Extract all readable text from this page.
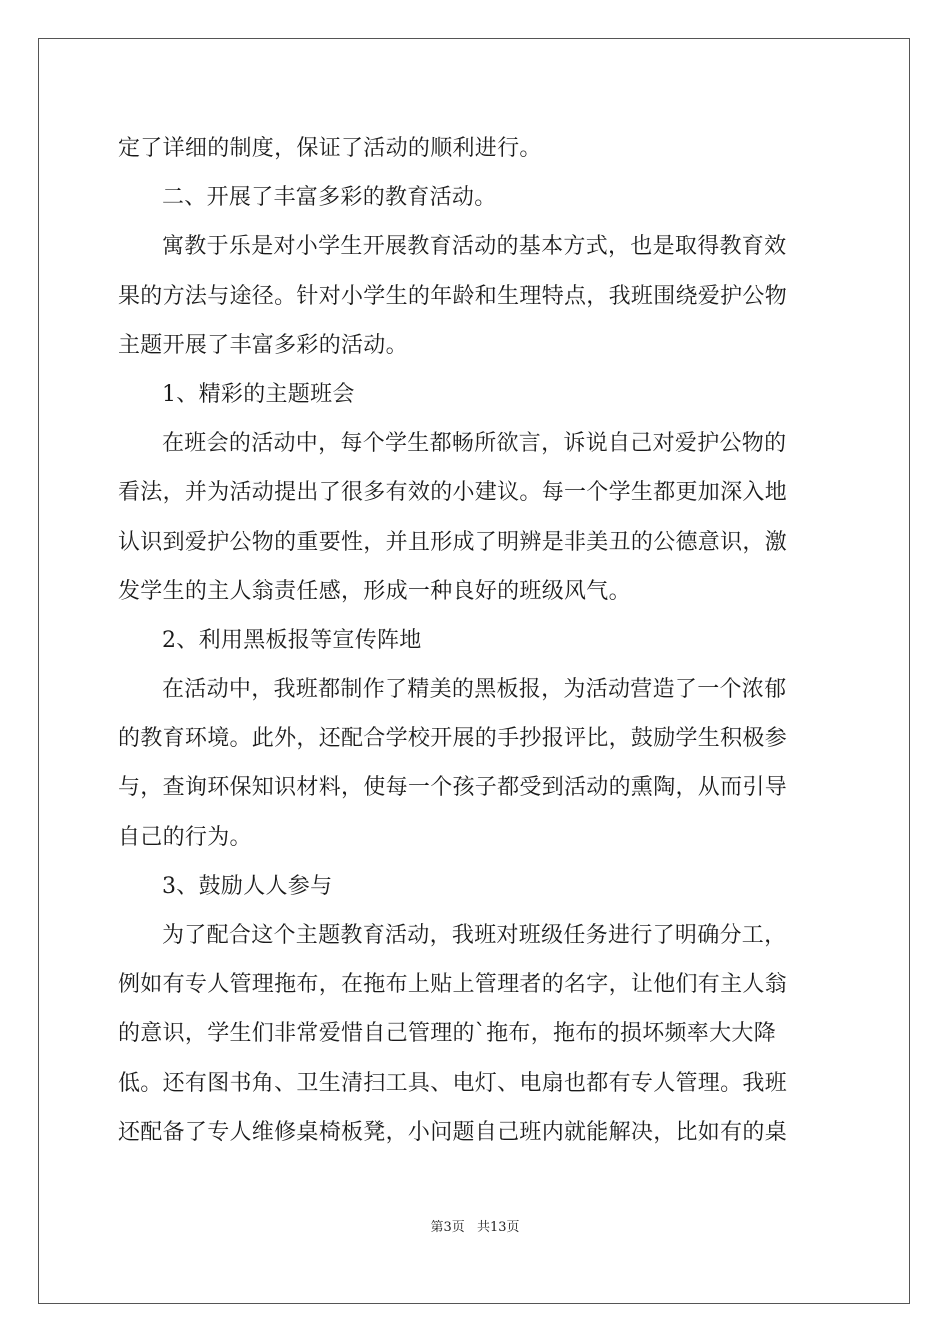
定了详细的制度，保证了活动的顺利进行。
二、开展了丰富多彩的教育活动。
寓教于乐是对小学生开展教育活动的基本方式，也是取得教育效
果的方法与途径。针对小学生的年龄和生理特点，我班围绕爱护公物
主题开展了丰富多彩的活动。
1、精彩的主题班会
在班会的活动中，每个学生都畅所欲言，诉说自己对爱护公物的
看法，并为活动提出了很多有效的小建议。每一个学生都更加深入地
认识到爱护公物的重要性，并且形成了明辨是非美丑的公德意识，激
发学生的主人翁责任感，形成一种良好的班级风气。
2、利用黑板报等宣传阵地
在活动中，我班都制作了精美的黑板报，为活动营造了一个浓郁
的教育环境。此外，还配合学校开展的手抄报评比，鼓励学生积极参
与，查询环保知识材料，使每一个孩子都受到活动的熏陶，从而引导
自己的行为。
3、鼓励人人参与
为了配合这个主题教育活动，我班对班级任务进行了明确分工，
例如有专人管理拖布，在拖布上贴上管理者的名字，让他们有主人翁
的意识，学生们非常爱惜自己管理的`拖布，拖布的损坏频率大大降
低。还有图书角、卫生清扫工具、电灯、电扇也都有专人管理。我班
还配备了专人维修桌椅板凳，小问题自己班内就能解决，比如有的桌
第3页 共13页
